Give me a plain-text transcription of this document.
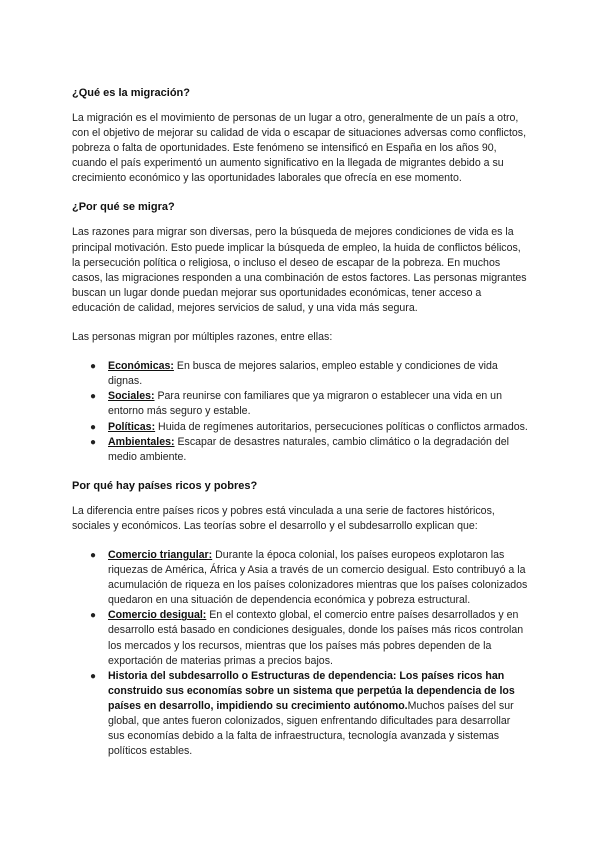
¿Qué es la migración?

La migración es el movimiento de personas de un lugar a otro, generalmente de un país a otro, con el objetivo de mejorar su calidad de vida o escapar de situaciones adversas como conflictos, pobreza o falta de oportunidades. Este fenómeno se intensificó en España en los años 90, cuando el país experimentó un aumento significativo en la llegada de migrantes debido a su crecimiento económico y las oportunidades laborales que ofrecía en ese momento.

¿Por qué se migra?

Las razones para migrar son diversas, pero la búsqueda de mejores condiciones de vida es la principal motivación. Esto puede implicar la búsqueda de empleo, la huida de conflictos bélicos, la persecución política o religiosa, o incluso el deseo de escapar de la pobreza. En muchos casos, las migraciones responden a una combinación de estos factores. Las personas migrantes buscan un lugar donde puedan mejorar sus oportunidades económicas, tener acceso a educación de calidad, mejores servicios de salud, y una vida más segura.

Las personas migran por múltiples razones, entre ellas:

● Económicas: En busca de mejores salarios, empleo estable y condiciones de vida dignas.
● Sociales: Para reunirse con familiares que ya migraron o establecer una vida en un entorno más seguro y estable.
● Políticas: Huida de regímenes autoritarios, persecuciones políticas o conflictos armados.
● Ambientales: Escapar de desastres naturales, cambio climático o la degradación del medio ambiente.
Por qué hay países ricos y pobres?

La diferencia entre países ricos y pobres está vinculada a una serie de factores históricos, sociales y económicos. Las teorías sobre el desarrollo y el subdesarrollo explican que:

● Comercio triangular: Durante la época colonial, los países europeos explotaron las riquezas de América, África y Asia a través de un comercio desigual. Esto contribuyó a la acumulación de riqueza en los países colonizadores mientras que los países colonizados quedaron en una situación de dependencia económica y pobreza estructural.
● Comercio desigual: En el contexto global, el comercio entre países desarrollados y en desarrollo está basado en condiciones desiguales, donde los países más ricos controlan los mercados y los recursos, mientras que los países más pobres dependen de la exportación de materias primas a precios bajos.
● Historia del subdesarrollo o Estructuras de dependencia: Los países ricos han construido sus economías sobre un sistema que perpetúa la dependencia de los países en desarrollo, impidiendo su crecimiento autónomo.Muchos países del sur global, que antes fueron colonizados, siguen enfrentando dificultades para desarrollar sus economías debido a la falta de infraestructura, tecnología avanzada y sistemas políticos estables.
